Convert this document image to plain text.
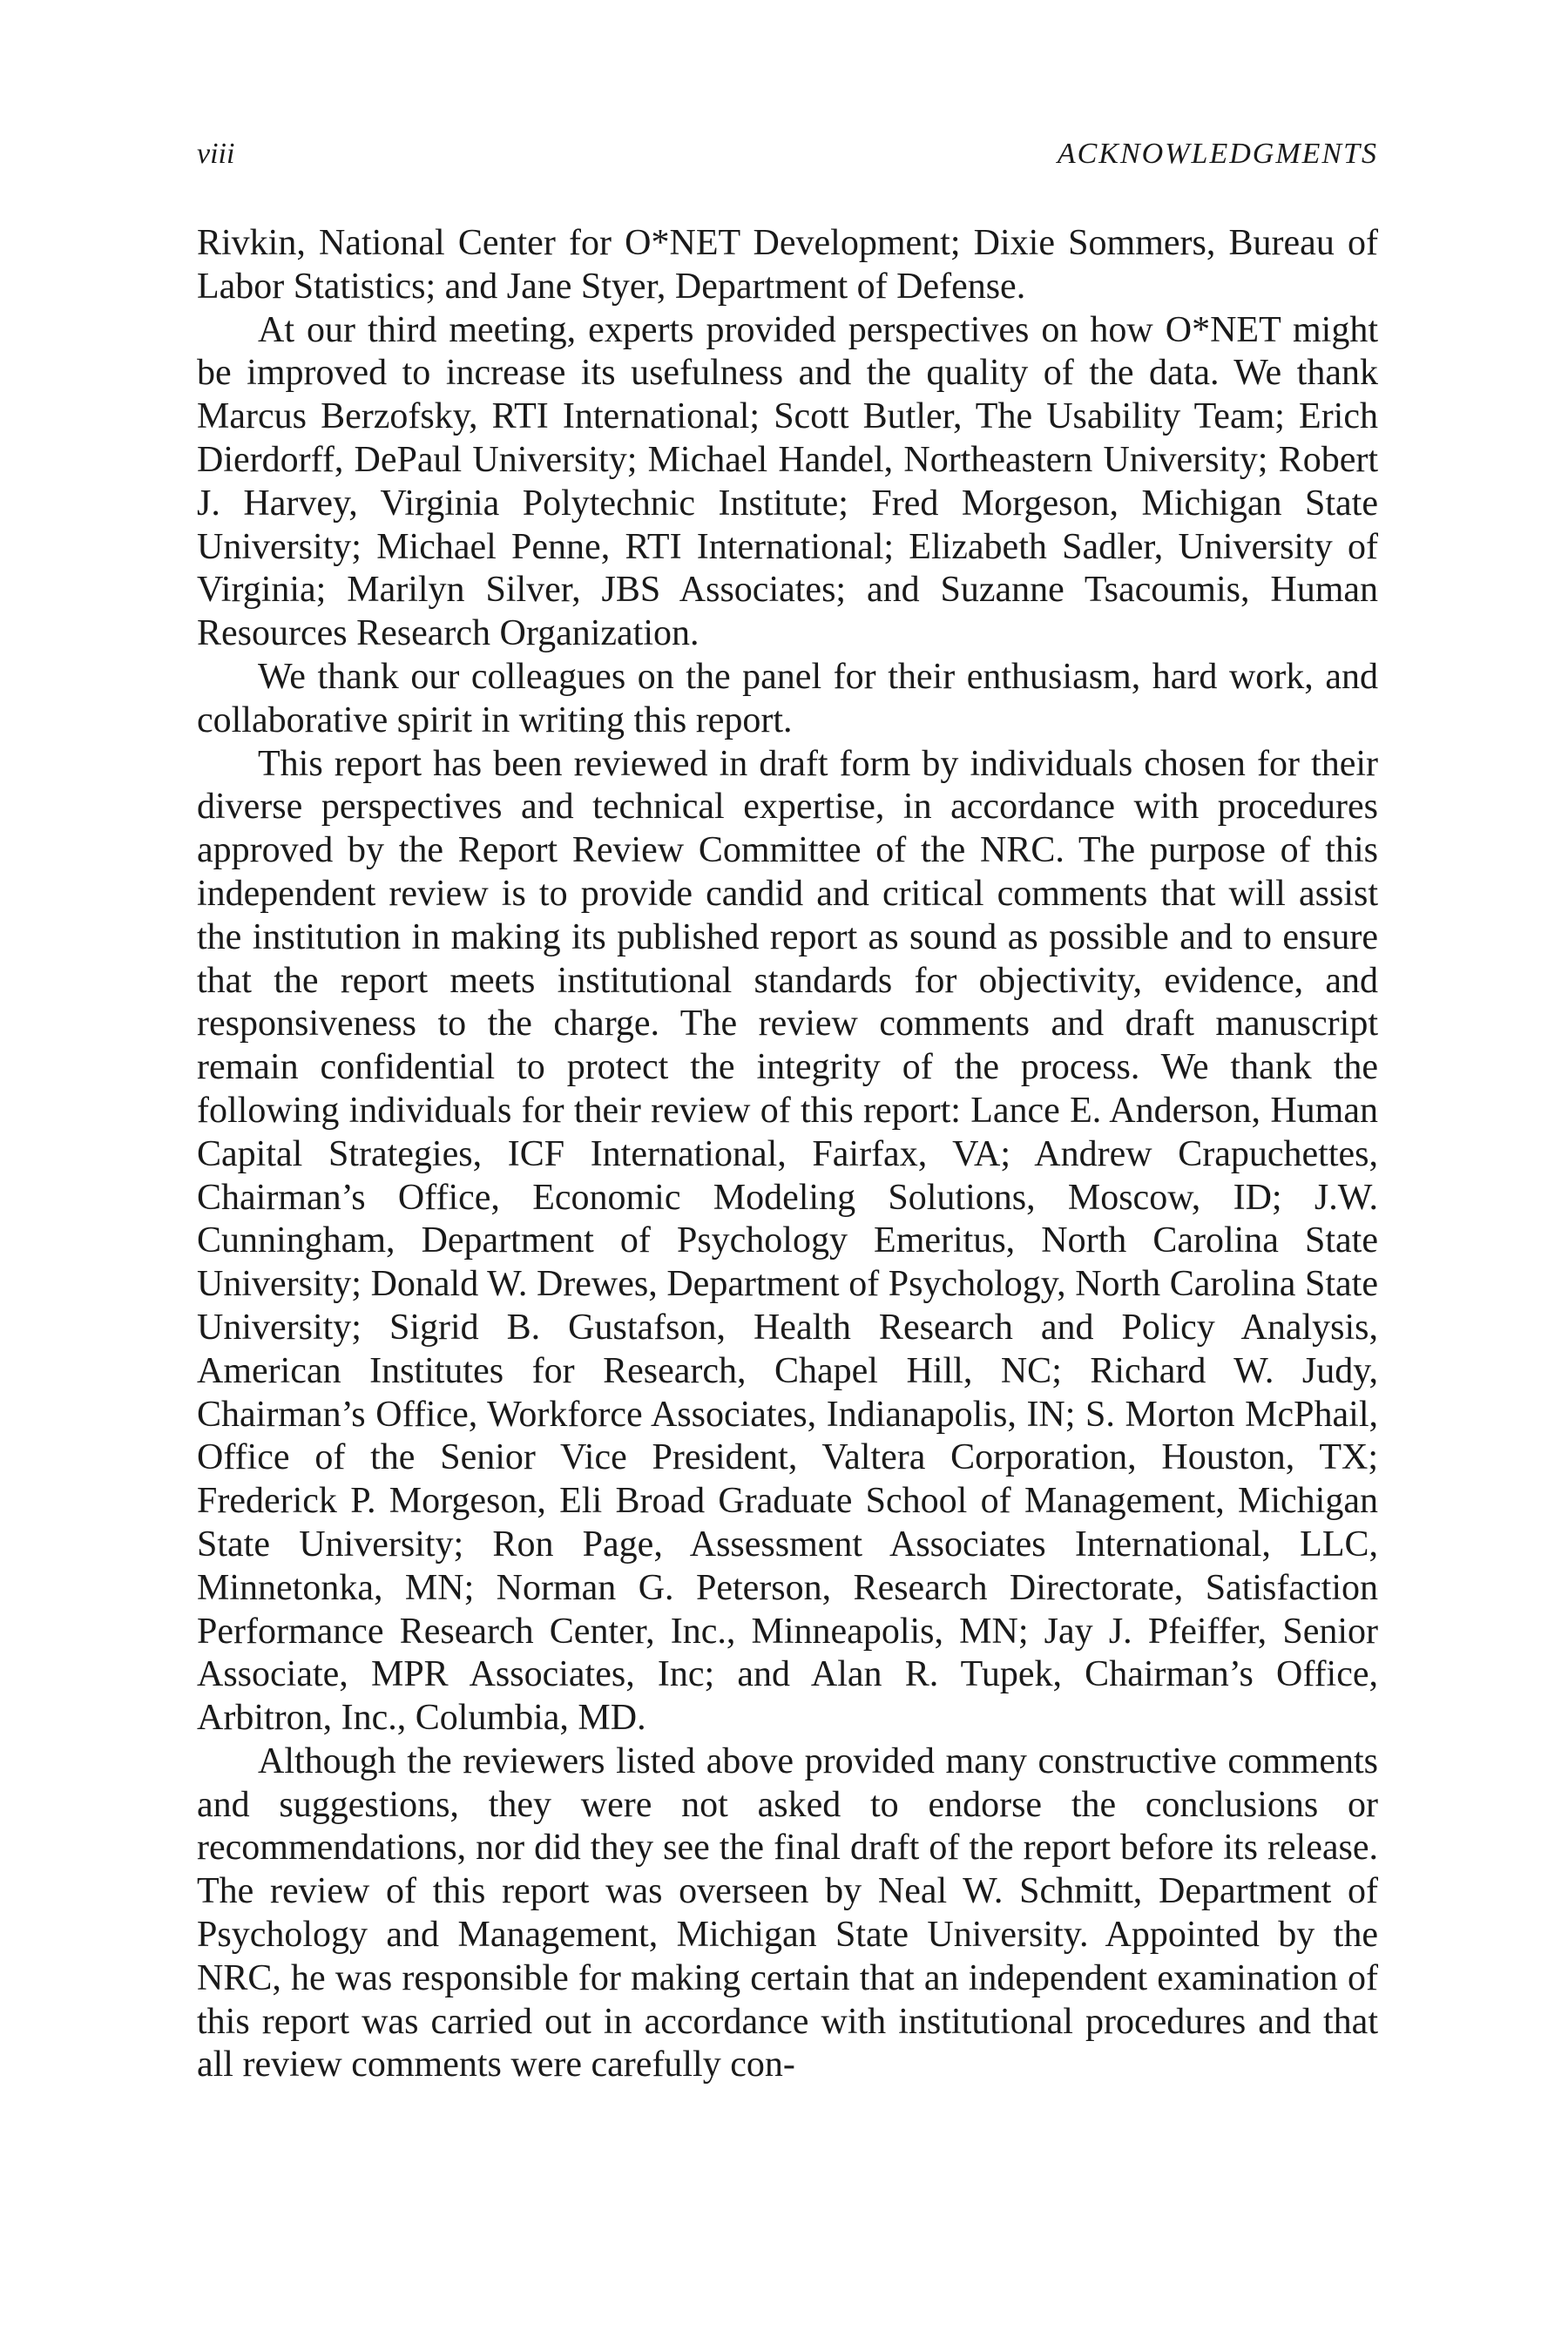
viii	ACKNOWLEDGMENTS

Rivkin, National Center for O*NET Development; Dixie Sommers, Bureau of Labor Statistics; and Jane Styer, Department of Defense.

At our third meeting, experts provided perspectives on how O*NET might be improved to increase its usefulness and the quality of the data. We thank Marcus Berzofsky, RTI International; Scott Butler, The Usability Team; Erich Dierdorff, DePaul University; Michael Handel, Northeastern University; Robert J. Harvey, Virginia Polytechnic Institute; Fred Morgeson, Michigan State University; Michael Penne, RTI International; Elizabeth Sadler, University of Virginia; Marilyn Silver, JBS Associates; and Suzanne Tsacoumis, Human Resources Research Organization.

We thank our colleagues on the panel for their enthusiasm, hard work, and collaborative spirit in writing this report.

This report has been reviewed in draft form by individuals chosen for their diverse perspectives and technical expertise, in accordance with procedures approved by the Report Review Committee of the NRC. The purpose of this independent review is to provide candid and critical comments that will assist the institution in making its published report as sound as possible and to ensure that the report meets institutional standards for objectivity, evidence, and responsiveness to the charge. The review comments and draft manuscript remain confidential to protect the integrity of the process. We thank the following individuals for their review of this report: Lance E. Anderson, Human Capital Strategies, ICF International, Fairfax, VA; Andrew Crapuchettes, Chairman’s Office, Economic Modeling Solutions, Moscow, ID; J.W. Cunningham, Department of Psychology Emeritus, North Carolina State University; Donald W. Drewes, Department of Psychology, North Carolina State University; Sigrid B. Gustafson, Health Research and Policy Analysis, American Institutes for Research, Chapel Hill, NC; Richard W. Judy, Chairman’s Office, Workforce Associates, Indianapolis, IN; S. Morton McPhail, Office of the Senior Vice President, Valtera Corporation, Houston, TX; Frederick P. Morgeson, Eli Broad Graduate School of Management, Michigan State University; Ron Page, Assessment Associates International, LLC, Minnetonka, MN; Norman G. Peterson, Research Directorate, Satisfaction Performance Research Center, Inc., Minneapolis, MN; Jay J. Pfeiffer, Senior Associate, MPR Associates, Inc; and Alan R. Tupek, Chairman’s Office, Arbitron, Inc., Columbia, MD.

Although the reviewers listed above provided many constructive comments and suggestions, they were not asked to endorse the conclusions or recommendations, nor did they see the final draft of the report before its release. The review of this report was overseen by Neal W. Schmitt, Department of Psychology and Management, Michigan State University. Appointed by the NRC, he was responsible for making certain that an independent examination of this report was carried out in accordance with institutional procedures and that all review comments were carefully con-
